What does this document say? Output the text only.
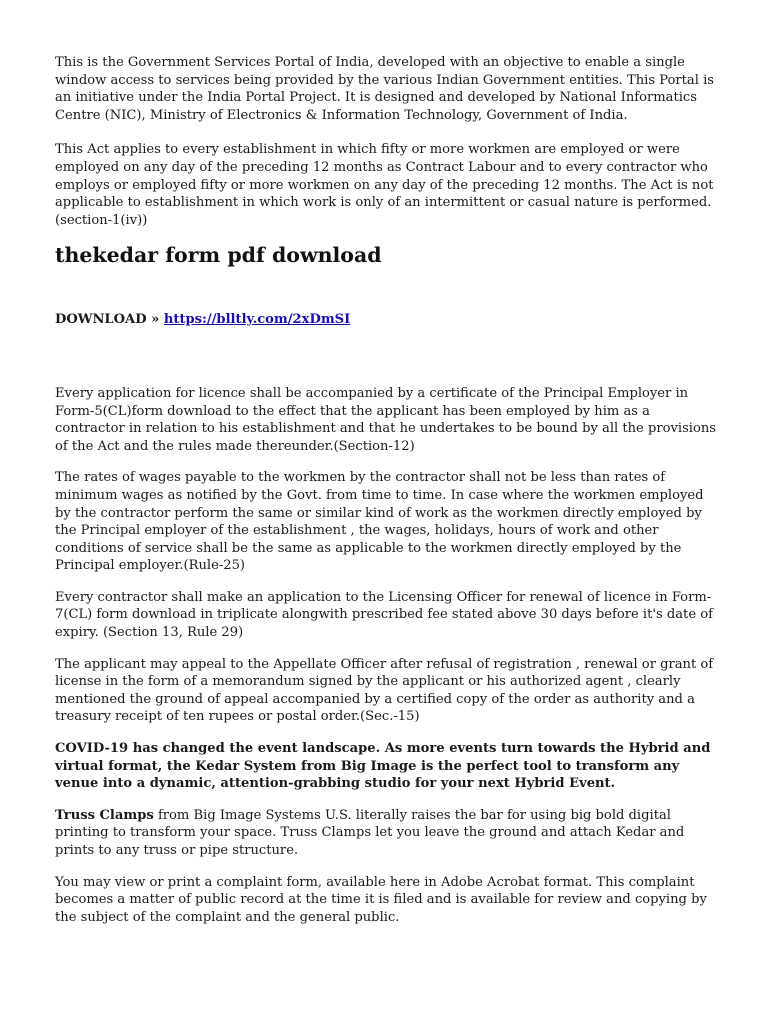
This is the Government Services Portal of India, developed with an objective to enable a single window access to services being provided by the various Indian Government entities. This Portal is an initiative under the India Portal Project. It is designed and developed by National Informatics Centre (NIC), Ministry of Electronics & Information Technology, Government of India.

This Act applies to every establishment in which fifty or more workmen are employed or were employed on any day of the preceding 12 months as Contract Labour and to every contractor who employs or employed fifty or more workmen on any day of the preceding 12 months. The Act is not applicable to establishment in which work is only of an intermittent or casual nature is performed.(section-1(iv))

thekedar form pdf download
DOWNLOAD » https://blltly.com/2xDmSI

Every application for licence shall be accompanied by a certificate of the Principal Employer in Form-5(CL)form download to the effect that the applicant has been employed by him as a contractor in relation to his establishment and that he undertakes to be bound by all the provisions of the Act and the rules made thereunder.(Section-12)

The rates of wages payable to the workmen by the contractor shall not be less than rates of minimum wages as notified by the Govt. from time to time. In case where the workmen employed by the contractor perform the same or similar kind of work as the workmen directly employed by the Principal employer of the establishment , the wages, holidays, hours of work and other conditions of service shall be the same as applicable to the workmen directly employed by the Principal employer.(Rule-25)

Every contractor shall make an application to the Licensing Officer for renewal of licence in Form-7(CL) form download in triplicate alongwith prescribed fee stated above 30 days before it's date of expiry. (Section 13, Rule 29)

The applicant may appeal to the Appellate Officer after refusal of registration , renewal or grant of license in the form of a memorandum signed by the applicant or his authorized agent , clearly mentioned the ground of appeal accompanied by a certified copy of the order as authority and a treasury receipt of ten rupees or postal order.(Sec.-15)

COVID-19 has changed the event landscape. As more events turn towards the Hybrid and virtual format, the Kedar System from Big Image is the perfect tool to transform any venue into a dynamic, attention-grabbing studio for your next Hybrid Event.

Truss Clamps from Big Image Systems U.S. literally raises the bar for using big bold digital printing to transform your space. Truss Clamps let you leave the ground and attach Kedar and prints to any truss or pipe structure.

You may view or print a complaint form, available here in Adobe Acrobat format. This complaint becomes a matter of public record at the time it is filed and is available for review and copying by the subject of the complaint and the general public.
